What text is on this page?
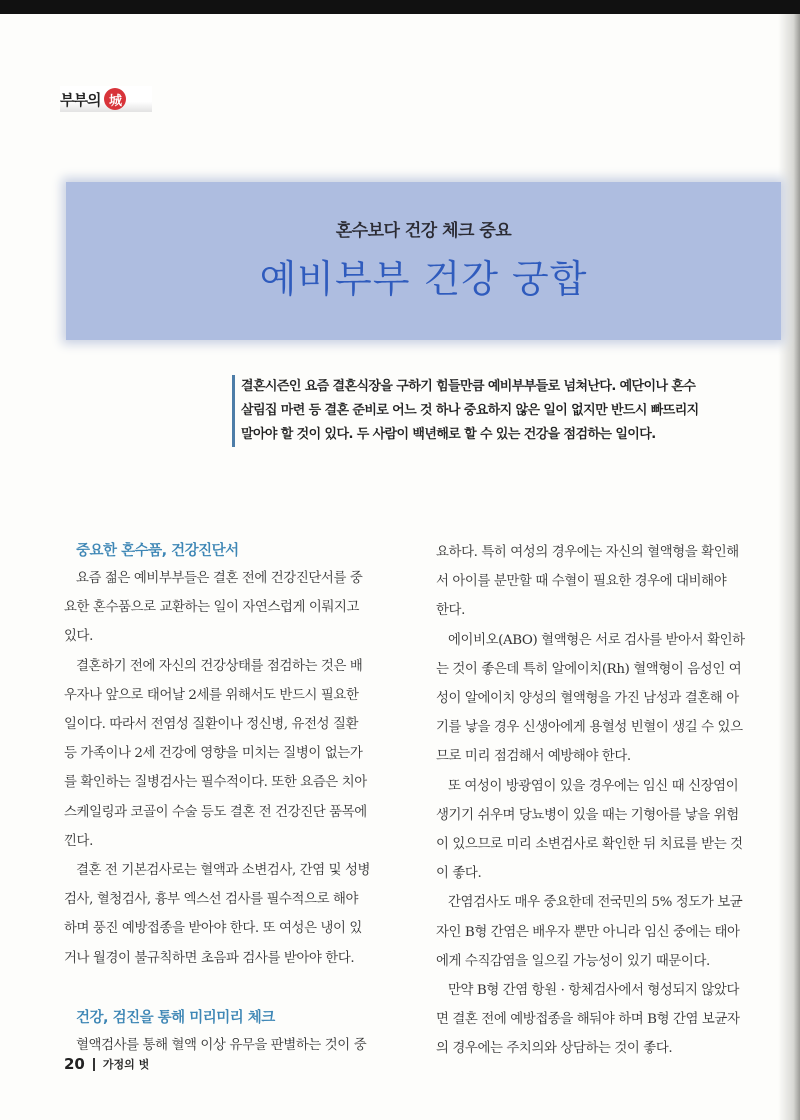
부부의 城
혼수보다 건강 체크 중요
예비부부 건강 궁합
결혼시즌인 요즘 결혼식장을 구하기 힘들만큼 예비부부들로 넘쳐난다. 예단이나 혼수
살림집 마련 등 결혼 준비로 어느 것 하나 중요하지 않은 일이 없지만 반드시 빠뜨리지
말아야 할 것이 있다. 두 사람이 백년해로 할 수 있는 건강을 점검하는 일이다.
중요한 혼수품, 건강진단서
요즘 젊은 예비부부들은 결혼 전에 건강진단서를 중
요한 혼수품으로 교환하는 일이 자연스럽게 이뤄지고
있다.
결혼하기 전에 자신의 건강상태를 점검하는 것은 배
우자나 앞으로 태어날 2세를 위해서도 반드시 필요한
일이다. 따라서 전염성 질환이나 정신병, 유전성 질환
등 가족이나 2세 건강에 영향을 미치는 질병이 없는가
를 확인하는 질병검사는 필수적이다. 또한 요즘은 치아
스케일링과 코골이 수술 등도 결혼 전 건강진단 품목에
낀다.
결혼 전 기본검사로는 혈액과 소변검사, 간염 및 성병
검사, 혈청검사, 흉부 엑스선 검사를 필수적으로 해야
하며 풍진 예방접종을 받아야 한다. 또 여성은 냉이 있
거나 월경이 불규칙하면 초음파 검사를 받아야 한다.
건강, 검진을 통해 미리미리 체크
혈액검사를 통해 혈액 이상 유무을 판별하는 것이 중
요하다. 특히 여성의 경우에는 자신의 혈액형을 확인해
서 아이를 분만할 때 수혈이 필요한 경우에 대비해야
한다.
에이비오(ABO) 혈액형은 서로 검사를 받아서 확인하
는 것이 좋은데 특히 알에이치(Rh) 혈액형이 음성인 여
성이 알에이치 양성의 혈액형을 가진 남성과 결혼해 아
기를 낳을 경우 신생아에게 용혈성 빈혈이 생길 수 있으
므로 미리 점검해서 예방해야 한다.
또 여성이 방광염이 있을 경우에는 임신 때 신장염이
생기기 쉬우며 당뇨병이 있을 때는 기형아를 낳을 위험
이 있으므로 미리 소변검사로 확인한 뒤 치료를 받는 것
이 좋다.
간염검사도 매우 중요한데 전국민의 5% 정도가 보균
자인 B형 간염은 배우자 뿐만 아니라 임신 중에는 태아
에게 수직감염을 일으킬 가능성이 있기 때문이다.
만약 B형 간염 항원 · 항체검사에서 형성되지 않았다
면 결혼 전에 예방접종을 해둬야 하며 B형 간염 보균자
의 경우에는 주치의와 상담하는 것이 좋다.
20 가정의 벗
